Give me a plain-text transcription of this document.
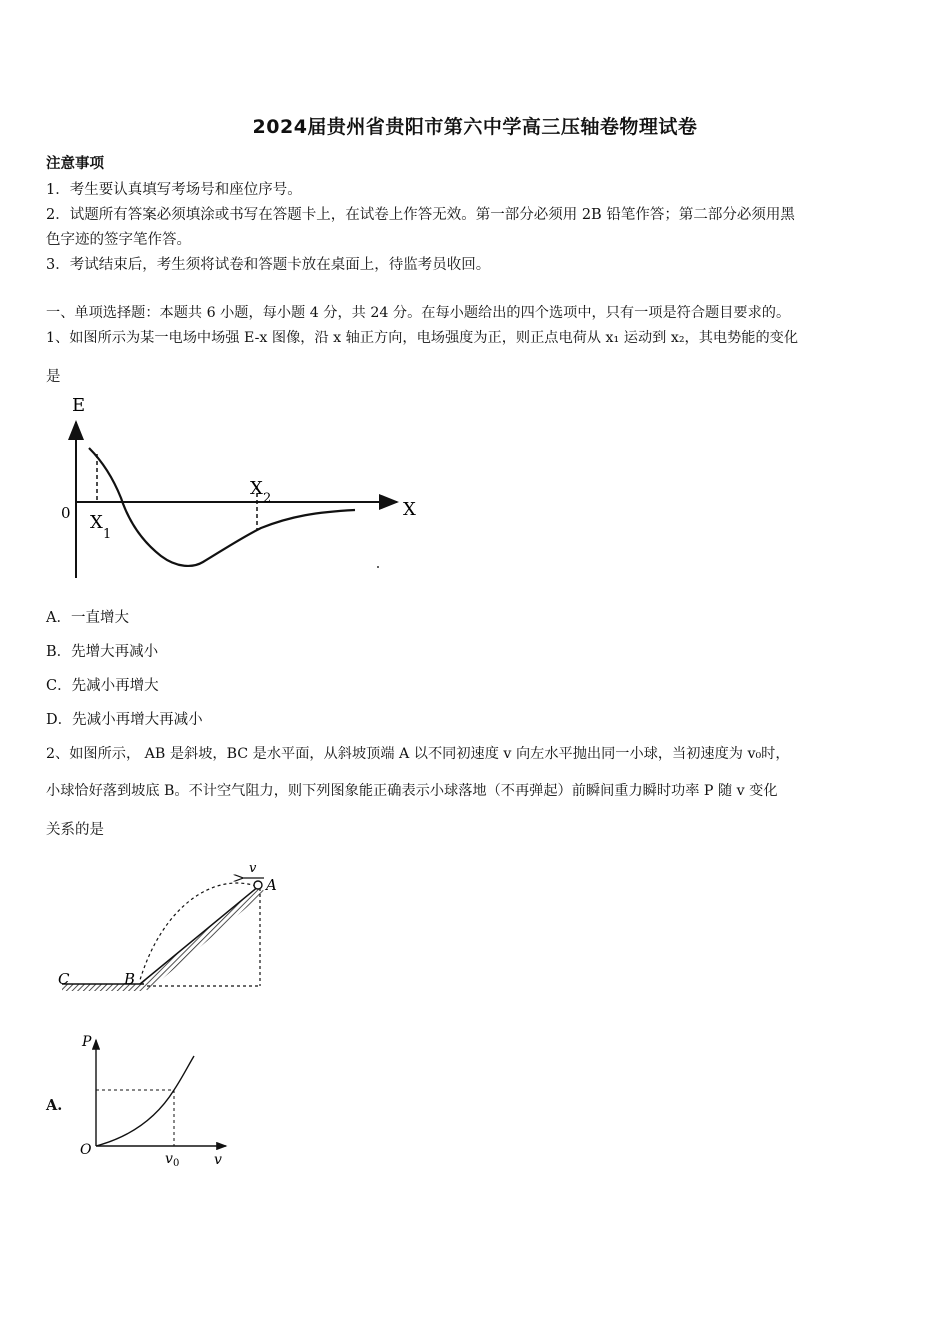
2024届贵州省贵阳市第六中学高三压轴卷物理试卷
注意事项
1．考生要认真填写考场号和座位序号。
2．试题所有答案必须填涂或书写在答题卡上，在试卷上作答无效。第一部分必须用 2B 铅笔作答；第二部分必须用黑
色字迹的签字笔作答。
3．考试结束后，考生须将试卷和答题卡放在桌面上，待监考员收回。
一、单项选择题：本题共 6 小题，每小题 4 分，共 24 分。在每小题给出的四个选项中，只有一项是符合题目要求的。
1、如图所示为某一电场中场强 E-x 图像，沿 x 轴正方向，电场强度为正，则正点电荷从 x₁ 运动到 x₂，其电势能的变化
是
E
X
0 X
1
X 2
A．一直增大
B．先增大再减小
C．先减小再增大
D．先减小再增大再减小
2、如图所示， AB 是斜坡，BC 是水平面，从斜坡顶端 A 以不同初速度 v 向左水平抛出同一小球，当初速度为 v₀时，
小球恰好落到坡底 B。不计空气阻力，则下列图象能正确表示小球落地（不再弹起）前瞬间重力瞬时功率 P 随 v 变化
关系的是
v
A
B
C
A.
P
O
v
v 0
